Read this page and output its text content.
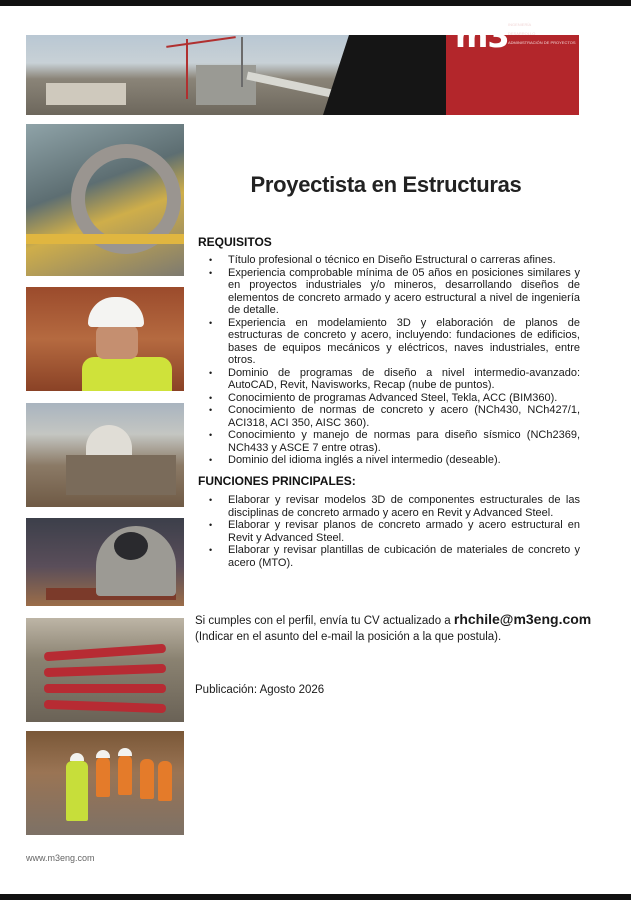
m3 INGENIERÍA
DESARROLLO
ADMINISTRACIÓN DE PROYECTOS
Proyectista en Estructuras
REQUISITOS
• Título profesional o técnico en Diseño Estructural o carreras afines.
• Experiencia comprobable mínima de 05 años en posiciones similares y en proyectos industriales y/o mineros, desarrollando diseños de elementos de concreto armado y acero estructural a nivel de ingeniería de detalle.
• Experiencia en modelamiento 3D y elaboración de planos de estructuras de concreto y acero, incluyendo: fundaciones de edificios, bases de equipos mecánicos y eléctricos, naves industriales, entre otros.
• Dominio de programas de diseño a nivel intermedio-avanzado: AutoCAD, Revit, Navisworks, Recap (nube de puntos).
• Conocimiento de programas Advanced Steel, Tekla, ACC (BIM360).
• Conocimiento de normas de concreto y acero (NCh430, NCh427/1, ACI318, ACI 350, AISC 360).
• Conocimiento y manejo de normas para diseño sísmico (NCh2369, NCh433 y ASCE 7 entre otras).
• Dominio del idioma inglés a nivel intermedio (deseable).
FUNCIONES PRINCIPALES:
• Elaborar y revisar modelos 3D de componentes estructurales de las disciplinas de concreto armado y acero en Revit y Advanced Steel.
• Elaborar y revisar planos de concreto armado y acero estructural en Revit y Advanced Steel.
• Elaborar y revisar plantillas de cubicación de materiales de concreto y acero (MTO).
Si cumples con el perfil, envía tu CV actualizado a rhchile@m3eng.com
(Indicar en el asunto del e-mail la posición a la que postula).
Publicación: Agosto 2026
www.m3eng.com
